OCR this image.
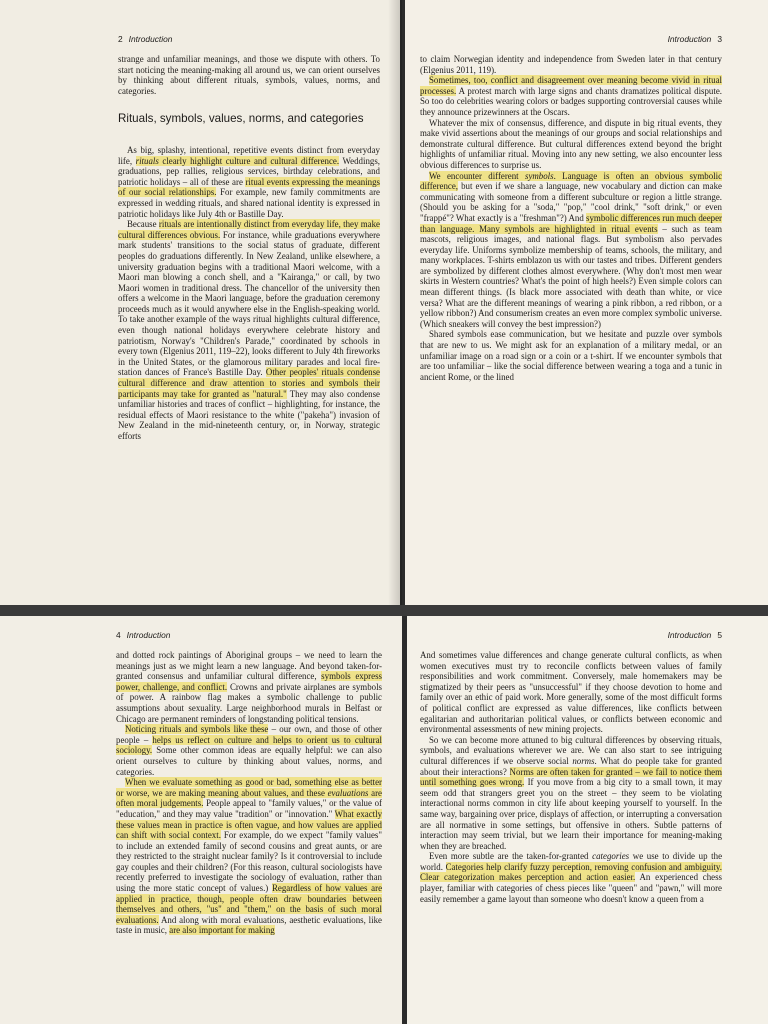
2 Introduction

strange and unfamiliar meanings, and those we dispute with others. To start noticing the meaning-making all around us, we can orient ourselves by thinking about different rituals, symbols, values, norms, and categories.

Rituals, symbols, values, norms, and categories

As big, splashy, intentional, repetitive events distinct from everyday life, rituals clearly highlight culture and cultural difference. Weddings, graduations, pep rallies, religious services, birthday celebrations, and patriotic holidays – all of these are ritual events expressing the meanings of our social relationships. For example, new family commitments are expressed in wedding rituals, and shared national identity is expressed in patriotic holidays like July 4th or Bastille Day.

Because rituals are intentionally distinct from everyday life, they make cultural differences obvious. For instance, while graduations everywhere mark students' transitions to the social status of graduate, different peoples do graduations differently. In New Zealand, unlike elsewhere, a university graduation begins with a traditional Maori welcome, with a Maori man blowing a conch shell, and a "Kairanga," or call, by two Maori women in traditional dress. The chancellor of the university then offers a welcome in the Maori language, before the graduation ceremony proceeds much as it would anywhere else in the English-speaking world. To take another example of the ways ritual highlights cultural difference, even though national holidays everywhere celebrate history and patriotism, Norway's "Children's Parade," coordinated by schools in every town (Elgenius 2011, 119–22), looks different to July 4th fireworks in the United States, or the glamorous military parades and local fire-station dances of France's Bastille Day. Other peoples' rituals condense cultural difference and draw attention to stories and symbols their participants may take for granted as "natural." They may also condense unfamiliar histories and traces of conflict – highlighting, for instance, the residual effects of Maori resistance to the white ("pakeha") invasion of New Zealand in the mid-nineteenth century, or, in Norway, strategic efforts

Introduction 3

to claim Norwegian identity and independence from Sweden later in that century (Elgenius 2011, 119).

Sometimes, too, conflict and disagreement over meaning become vivid in ritual processes. A protest march with large signs and chants dramatizes political dispute. So too do celebrities wearing colors or badges supporting controversial causes while they announce prizewinners at the Oscars.

Whatever the mix of consensus, difference, and dispute in big ritual events, they make vivid assertions about the meanings of our groups and social relationships and demonstrate cultural difference. But cultural differences extend beyond the bright highlights of unfamiliar ritual. Moving into any new setting, we also encounter less obvious differences to surprise us.

We encounter different symbols. Language is often an obvious symbolic difference, but even if we share a language, new vocabulary and diction can make communicating with someone from a different subculture or region a little strange. (Should you be asking for a "soda," "pop," "cool drink," "soft drink," or even "frappé"? What exactly is a "freshman"?) And symbolic differences run much deeper than language. Many symbols are highlighted in ritual events – such as team mascots, religious images, and national flags. But symbolism also pervades everyday life. Uniforms symbolize membership of teams, schools, the military, and many workplaces. T-shirts emblazon us with our tastes and tribes. Different genders are symbolized by different clothes almost everywhere. (Why don't most men wear skirts in Western countries? What's the point of high heels?) Even simple colors can mean different things. (Is black more associated with death than white, or vice versa? What are the different meanings of wearing a pink ribbon, a red ribbon, or a yellow ribbon?) And consumerism creates an even more complex symbolic universe. (Which sneakers will convey the best impression?)

Shared symbols ease communication, but we hesitate and puzzle over symbols that are new to us. We might ask for an explanation of a military medal, or an unfamiliar image on a road sign or a coin or a t-shirt. If we encounter symbols that are too unfamiliar – like the social difference between wearing a toga and a tunic in ancient Rome, or the lined

4 Introduction

and dotted rock paintings of Aboriginal groups – we need to learn the meanings just as we might learn a new language. And beyond taken-for-granted consensus and unfamiliar cultural difference, symbols express power, challenge, and conflict. Crowns and private airplanes are symbols of power. A rainbow flag makes a symbolic challenge to public assumptions about sexuality. Large neighborhood murals in Belfast or Chicago are permanent reminders of longstanding political tensions.

Noticing rituals and symbols like these – our own, and those of other people – helps us reflect on culture and helps to orient us to cultural sociology. Some other common ideas are equally helpful: we can also orient ourselves to culture by thinking about values, norms, and categories.

When we evaluate something as good or bad, something else as better or worse, we are making meaning about values, and these evaluations are often moral judgements. People appeal to "family values," or the value of "education," and they may value "tradition" or "innovation." What exactly these values mean in practice is often vague, and how values are applied can shift with social context. For example, do we expect "family values" to include an extended family of second cousins and great aunts, or are they restricted to the straight nuclear family? Is it controversial to include gay couples and their children? (For this reason, cultural sociologists have recently preferred to investigate the sociology of evaluation, rather than using the more static concept of values.) Regardless of how values are applied in practice, though, people often draw boundaries between themselves and others, "us" and "them," on the basis of such moral evaluations. And along with moral evaluations, aesthetic evaluations, like taste in music, are also important for making

Introduction 5

And sometimes value differences and change generate cultural conflicts, as when women executives must try to reconcile conflicts between values of family responsibilities and work commitment. Conversely, male homemakers may be stigmatized by their peers as "unsuccessful" if they choose devotion to home and family over an ethic of paid work. More generally, some of the most difficult forms of political conflict are expressed as value differences, like conflicts between egalitarian and authoritarian political values, or conflicts between economic and environmental assessments of new mining projects.

So we can become more attuned to big cultural differences by observing rituals, symbols, and evaluations wherever we are. We can also start to see intriguing cultural differences if we observe social norms. What do people take for granted about their interactions? Norms are often taken for granted – we fail to notice them until something goes wrong. If you move from a big city to a small town, it may seem odd that strangers greet you on the street – they seem to be violating interactional norms common in city life about keeping yourself to yourself. In the same way, bargaining over price, displays of affection, or interrupting a conversation are all normative in some settings, but offensive in others. Subtle patterns of interaction may seem trivial, but we learn their importance for meaning-making when they are breached.

Even more subtle are the taken-for-granted categories we use to divide up the world. Categories help clarify fuzzy perception, removing confusion and ambiguity. Clear categorization makes perception and action easier. An experienced chess player, familiar with categories of chess pieces like "queen" and "pawn," will more easily remember a game layout than someone who doesn't know a queen from a
